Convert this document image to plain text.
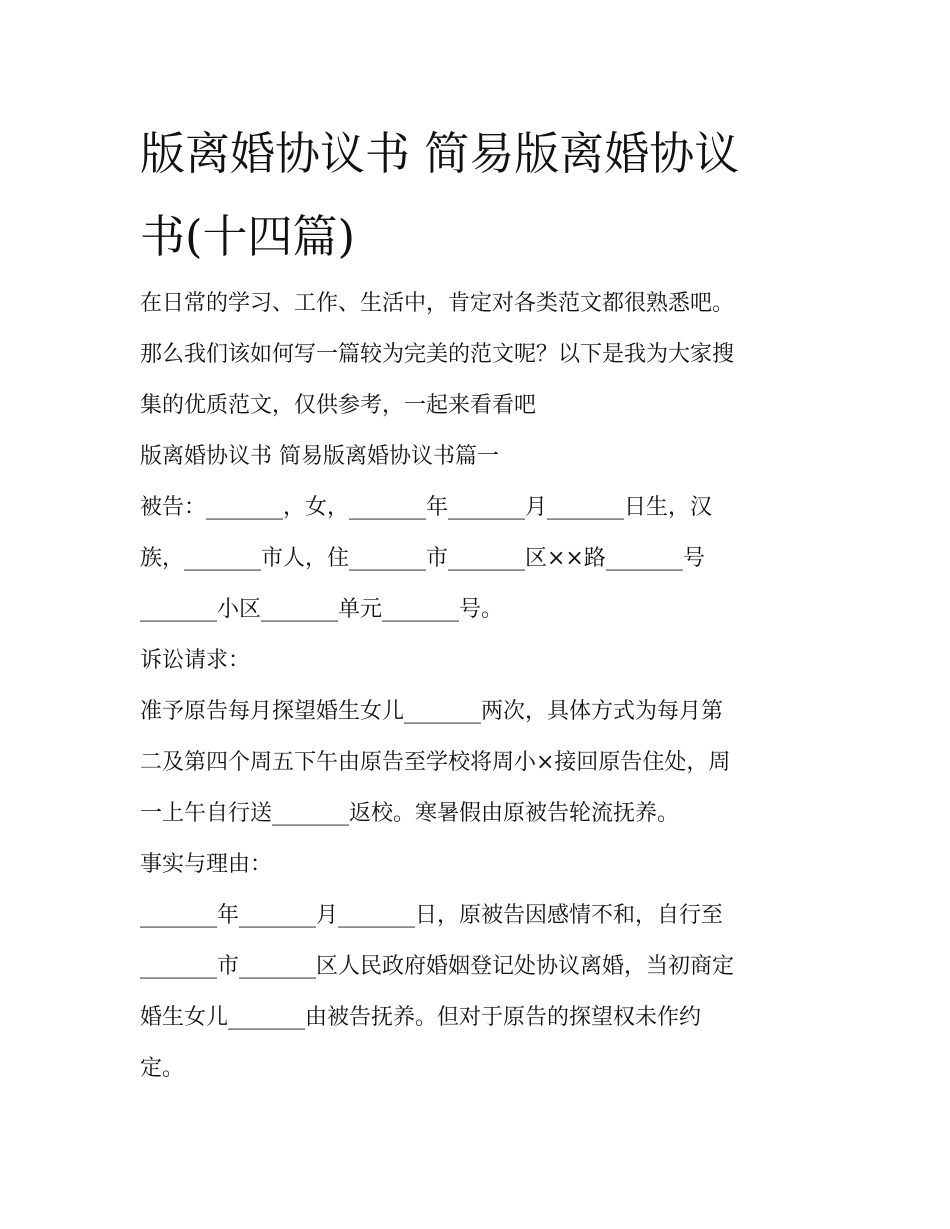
版离婚协议书 简易版离婚协议
书(十四篇)

在日常的学习、工作、生活中，肯定对各类范文都很熟悉吧。

那么我们该如何写一篇较为完美的范文呢？以下是我为大家搜

集的优质范文，仅供参考，一起来看看吧

版离婚协议书 简易版离婚协议书篇一

被告：_______，女，_______年_______月_______日生，汉

族，_______市人，住_______市_______区××路_______号

_______小区_______单元_______号。

诉讼请求：

准予原告每月探望婚生女儿_______两次，具体方式为每月第

二及第四个周五下午由原告至学校将周小×接回原告住处，周

一上午自行送_______返校。寒暑假由原被告轮流抚养。

事实与理由：

_______年_______月_______日，原被告因感情不和，自行至

_______市_______区人民政府婚姻登记处协议离婚，当初商定

婚生女儿_______由被告抚养。但对于原告的探望权未作约

定。
